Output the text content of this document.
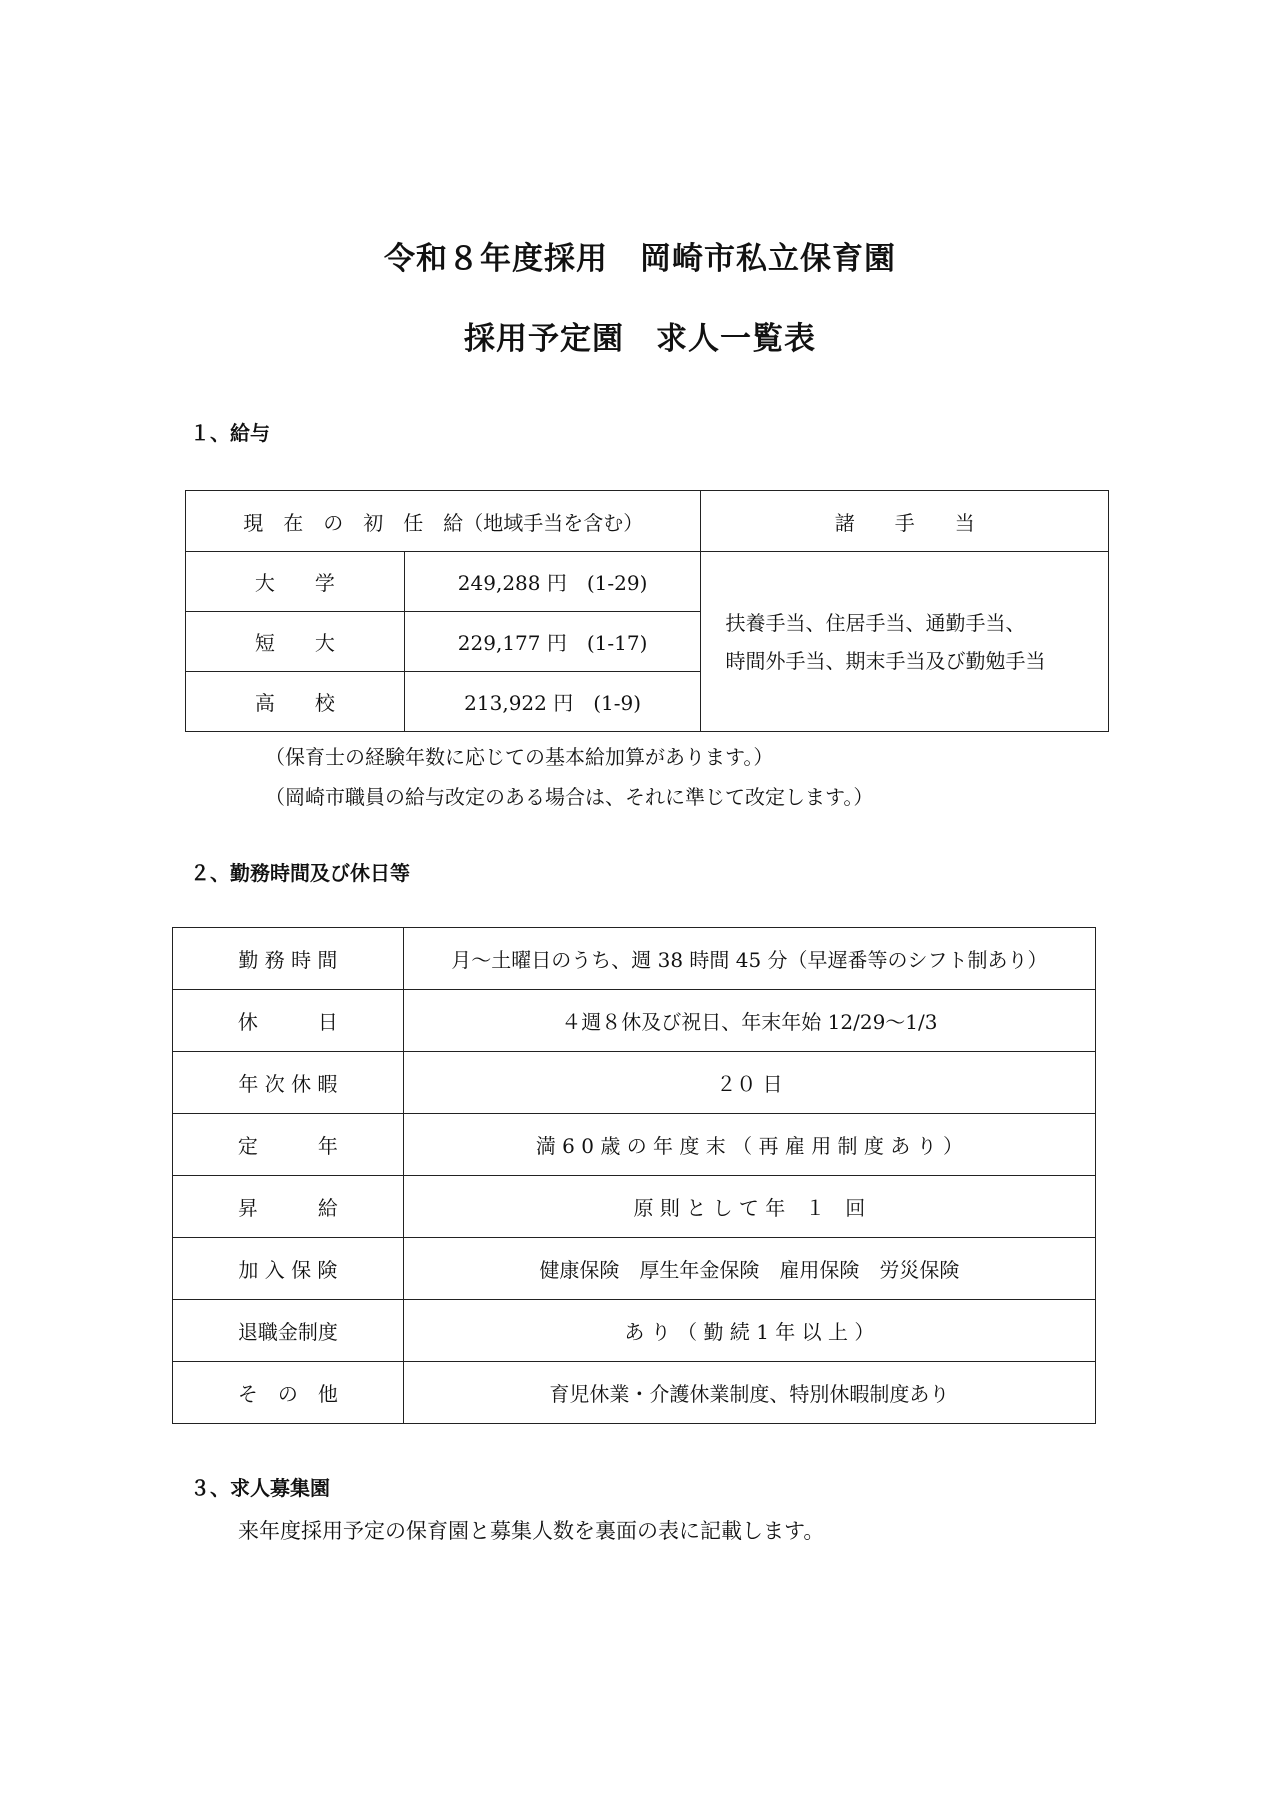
令和８年度採用　岡崎市私立保育園
採用予定園　求人一覧表
１、給与
現　在　の　初　任　給（地域手当を含む）		諸　　手　　当
大　　学	249,288 円　(1-29)	扶養手当、住居手当、通勤手当、
時間外手当、期末手当及び勤勉手当

短　　大	229,177 円　(1-17)	
高　　校	213,922 円　(1-9)	
（保育士の経験年数に応じての基本給加算があります。）
（岡崎市職員の給与改定のある場合は、それに準じて改定します。）
２、勤務時間及び休日等
勤 務 時 間	月～土曜日のうち、週 38 時間 45 分（早遅番等のシフト制あり）
休　　　日	４週８休及び祝日、年末年始 12/29～1/3
年 次 休 暇	２０ 日
定　　　年	満 6 0 歳 の 年 度 末 （ 再 雇 用 制 度 あ り ）
昇　　　給	原 則 と し て 年　１　回
加 入 保 険	健康保険　厚生年金保険　雇用保険　労災保険
退職金制度	あ り （ 勤 続 1 年 以 上 ）
そ　の　他	育児休業・介護休業制度、特別休暇制度あり
３、求人募集園
来年度採用予定の保育園と募集人数を裏面の表に記載します。
